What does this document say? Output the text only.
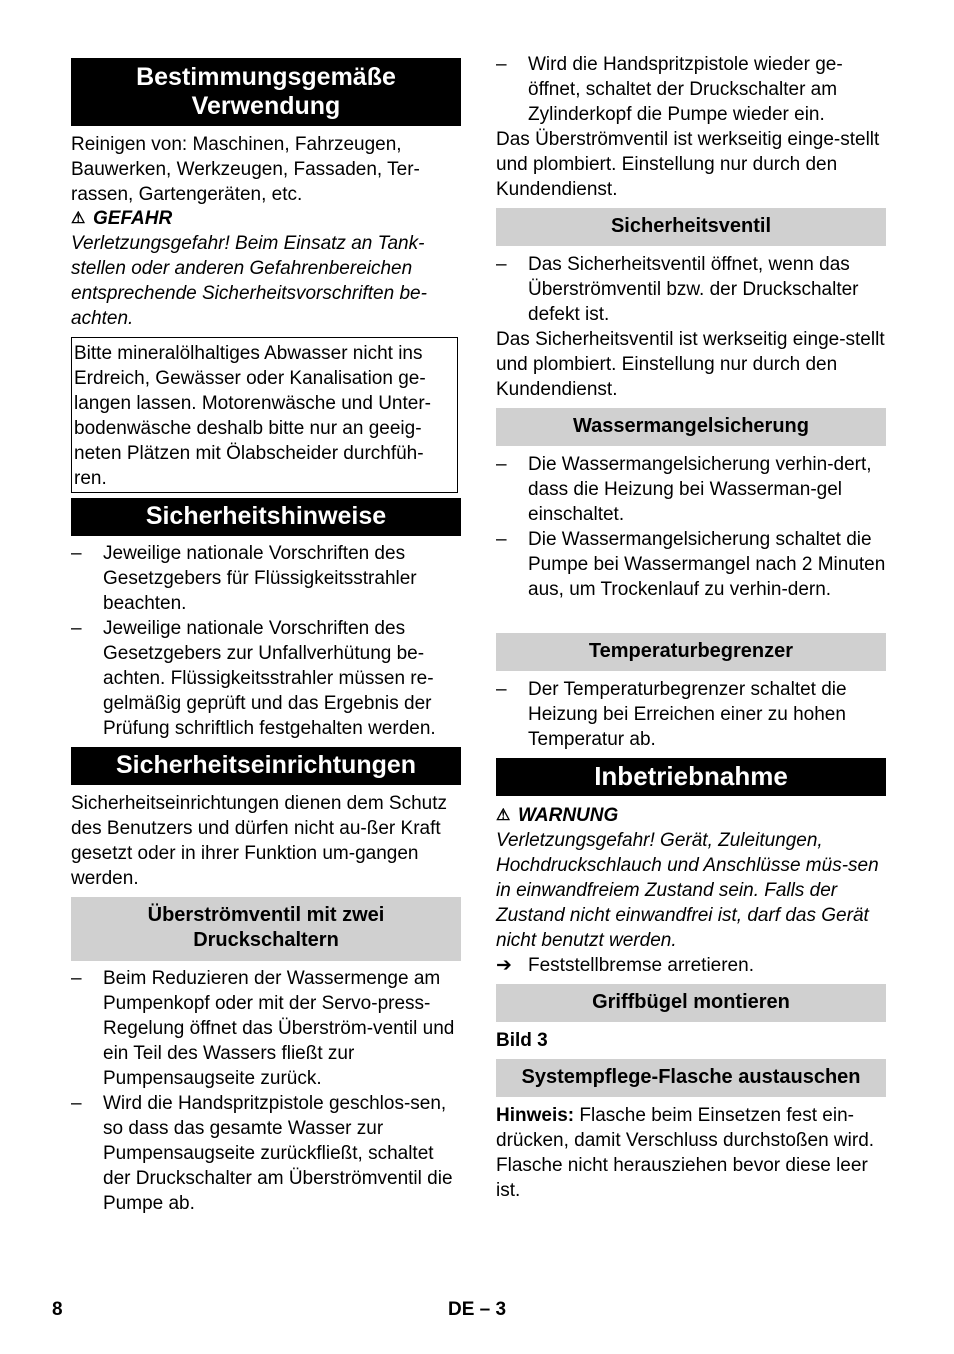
Bestimmungsgemäße Verwendung
Reinigen von: Maschinen, Fahrzeugen, Bauwerken, Werkzeugen, Fassaden, Ter-rassen, Gartengeräten, etc.
⚠ GEFAHR
Verletzungsgefahr! Beim Einsatz an Tank-stellen oder anderen Gefahrenbereichen entsprechende Sicherheitsvorschriften be-achten.
Bitte mineralölhaltiges Abwasser nicht ins Erdreich, Gewässer oder Kanalisation ge-langen lassen. Motorenwäsche und Unter-bodenwäsche deshalb bitte nur an geeig-neten Plätzen mit Ölabscheider durchfüh-ren.
Sicherheitshinweise
– Jeweilige nationale Vorschriften des Gesetzgebers für Flüssigkeitsstrahler beachten.
– Jeweilige nationale Vorschriften des Gesetzgebers zur Unfallverhütung be-achten. Flüssigkeitsstrahler müssen re-gelmäßig geprüft und das Ergebnis der Prüfung schriftlich festgehalten werden.
Sicherheitseinrichtungen
Sicherheitseinrichtungen dienen dem Schutz des Benutzers und dürfen nicht au-ßer Kraft gesetzt oder in ihrer Funktion um-gangen werden.
Überströmventil mit zwei Druckschaltern
– Beim Reduzieren der Wassermenge am Pumpenkopf oder mit der Servo-press-Regelung öffnet das Überström-ventil und ein Teil des Wassers fließt zur Pumpensaugseite zurück.
– Wird die Handspritzpistole geschlos-sen, so dass das gesamte Wasser zur Pumpensaugseite zurückfließt, schaltet der Druckschalter am Überströmventil die Pumpe ab.
– Wird die Handspritzpistole wieder ge-öffnet, schaltet der Druckschalter am Zylinderkopf die Pumpe wieder ein.
Das Überströmventil ist werkseitig einge-stellt und plombiert. Einstellung nur durch den Kundendienst.
Sicherheitsventil
– Das Sicherheitsventil öffnet, wenn das Überströmventil bzw. der Druckschalter defekt ist.
Das Sicherheitsventil ist werkseitig einge-stellt und plombiert. Einstellung nur durch den Kundendienst.
Wassermangelsicherung
– Die Wassermangelsicherung verhin-dert, dass die Heizung bei Wasserman-gel einschaltet.
– Die Wassermangelsicherung schaltet die Pumpe bei Wassermangel nach 2 Minuten aus, um Trockenlauf zu verhin-dern.
Temperaturbegrenzer
– Der Temperaturbegrenzer schaltet die Heizung bei Erreichen einer zu hohen Temperatur ab.
Inbetriebnahme
⚠ WARNUNG
Verletzungsgefahr! Gerät, Zuleitungen, Hochdruckschlauch und Anschlüsse müs-sen in einwandfreiem Zustand sein. Falls der Zustand nicht einwandfrei ist, darf das Gerät nicht benutzt werden.
➔ Feststellbremse arretieren.
Griffbügel montieren
Bild 3
Systempflege-Flasche austauschen
Hinweis: Flasche beim Einsetzen fest ein-drücken, damit Verschluss durchstoßen wird. Flasche nicht herausziehen bevor diese leer ist.
8	DE – 3
